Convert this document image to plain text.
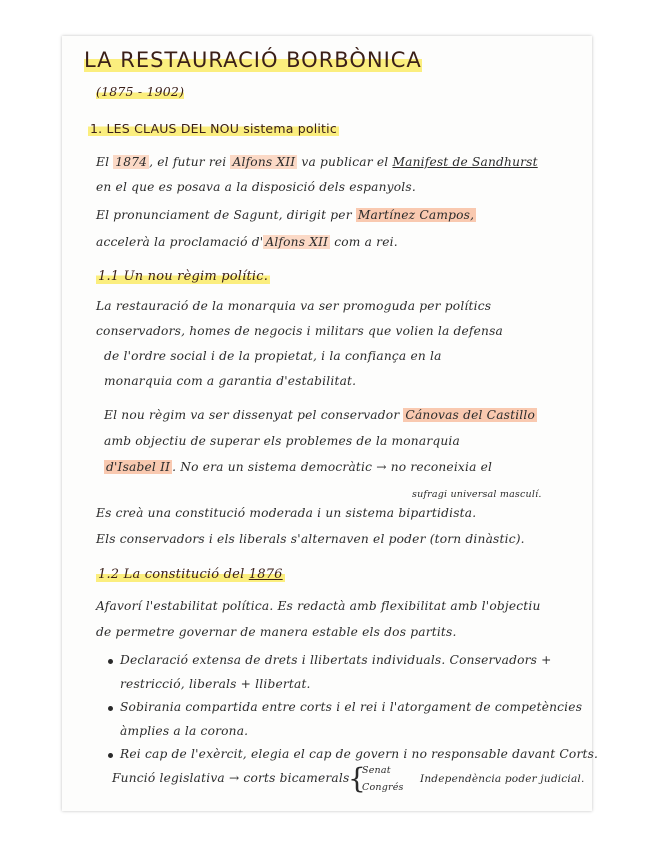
LA RESTAURACIÓ BORBÒNICA
(1875 - 1902)
1. LES CLAUS DEL NOU sistema politic
El 1874 , el futur rei Alfons XII va publicar el Manifest de Sandhurst
en el que es posava a la disposició dels espanyols.
El pronunciament de Sagunt, dirigit per Martínez Campos,
accelerà la proclamació d' Alfons XII com a rei.
1.1 Un nou règim polític.
La restauració de la monarquia va ser promoguda per polítics
conservadors, homes de negocis i militars que volien la defensa
de l'ordre social i de la propietat, i la confiança en la
monarquia com a garantia d'estabilitat.
El nou règim va ser dissenyat pel conservador Cánovas del Castillo
amb objectiu de superar els problemes de la monarquia
d'Isabel II . No era un sistema democràtic → no reconeixia el
sufragi universal masculí.
Es creà una constitució moderada i un sistema bipartidista.
Els conservadors i els liberals s'alternaven el poder (torn dinàstic).
1.2 La constitució del 1876
Afavorí l'estabilitat política. Es redactà amb flexibilitat amb l'objectiu
de permetre governar de manera estable els dos partits.
Declaració extensa de drets i llibertats individuals. Conservadors +
restricció, liberals + llibertat.
Sobirania compartida entre corts i el rei i l'atorgament de competències
àmplies a la corona.
Rei cap de l'exèrcit, elegia el cap de govern i no responsable davant Corts.
Funció legislativa → corts bicamerals
{
Senat
Congrés
Independència poder judicial.
